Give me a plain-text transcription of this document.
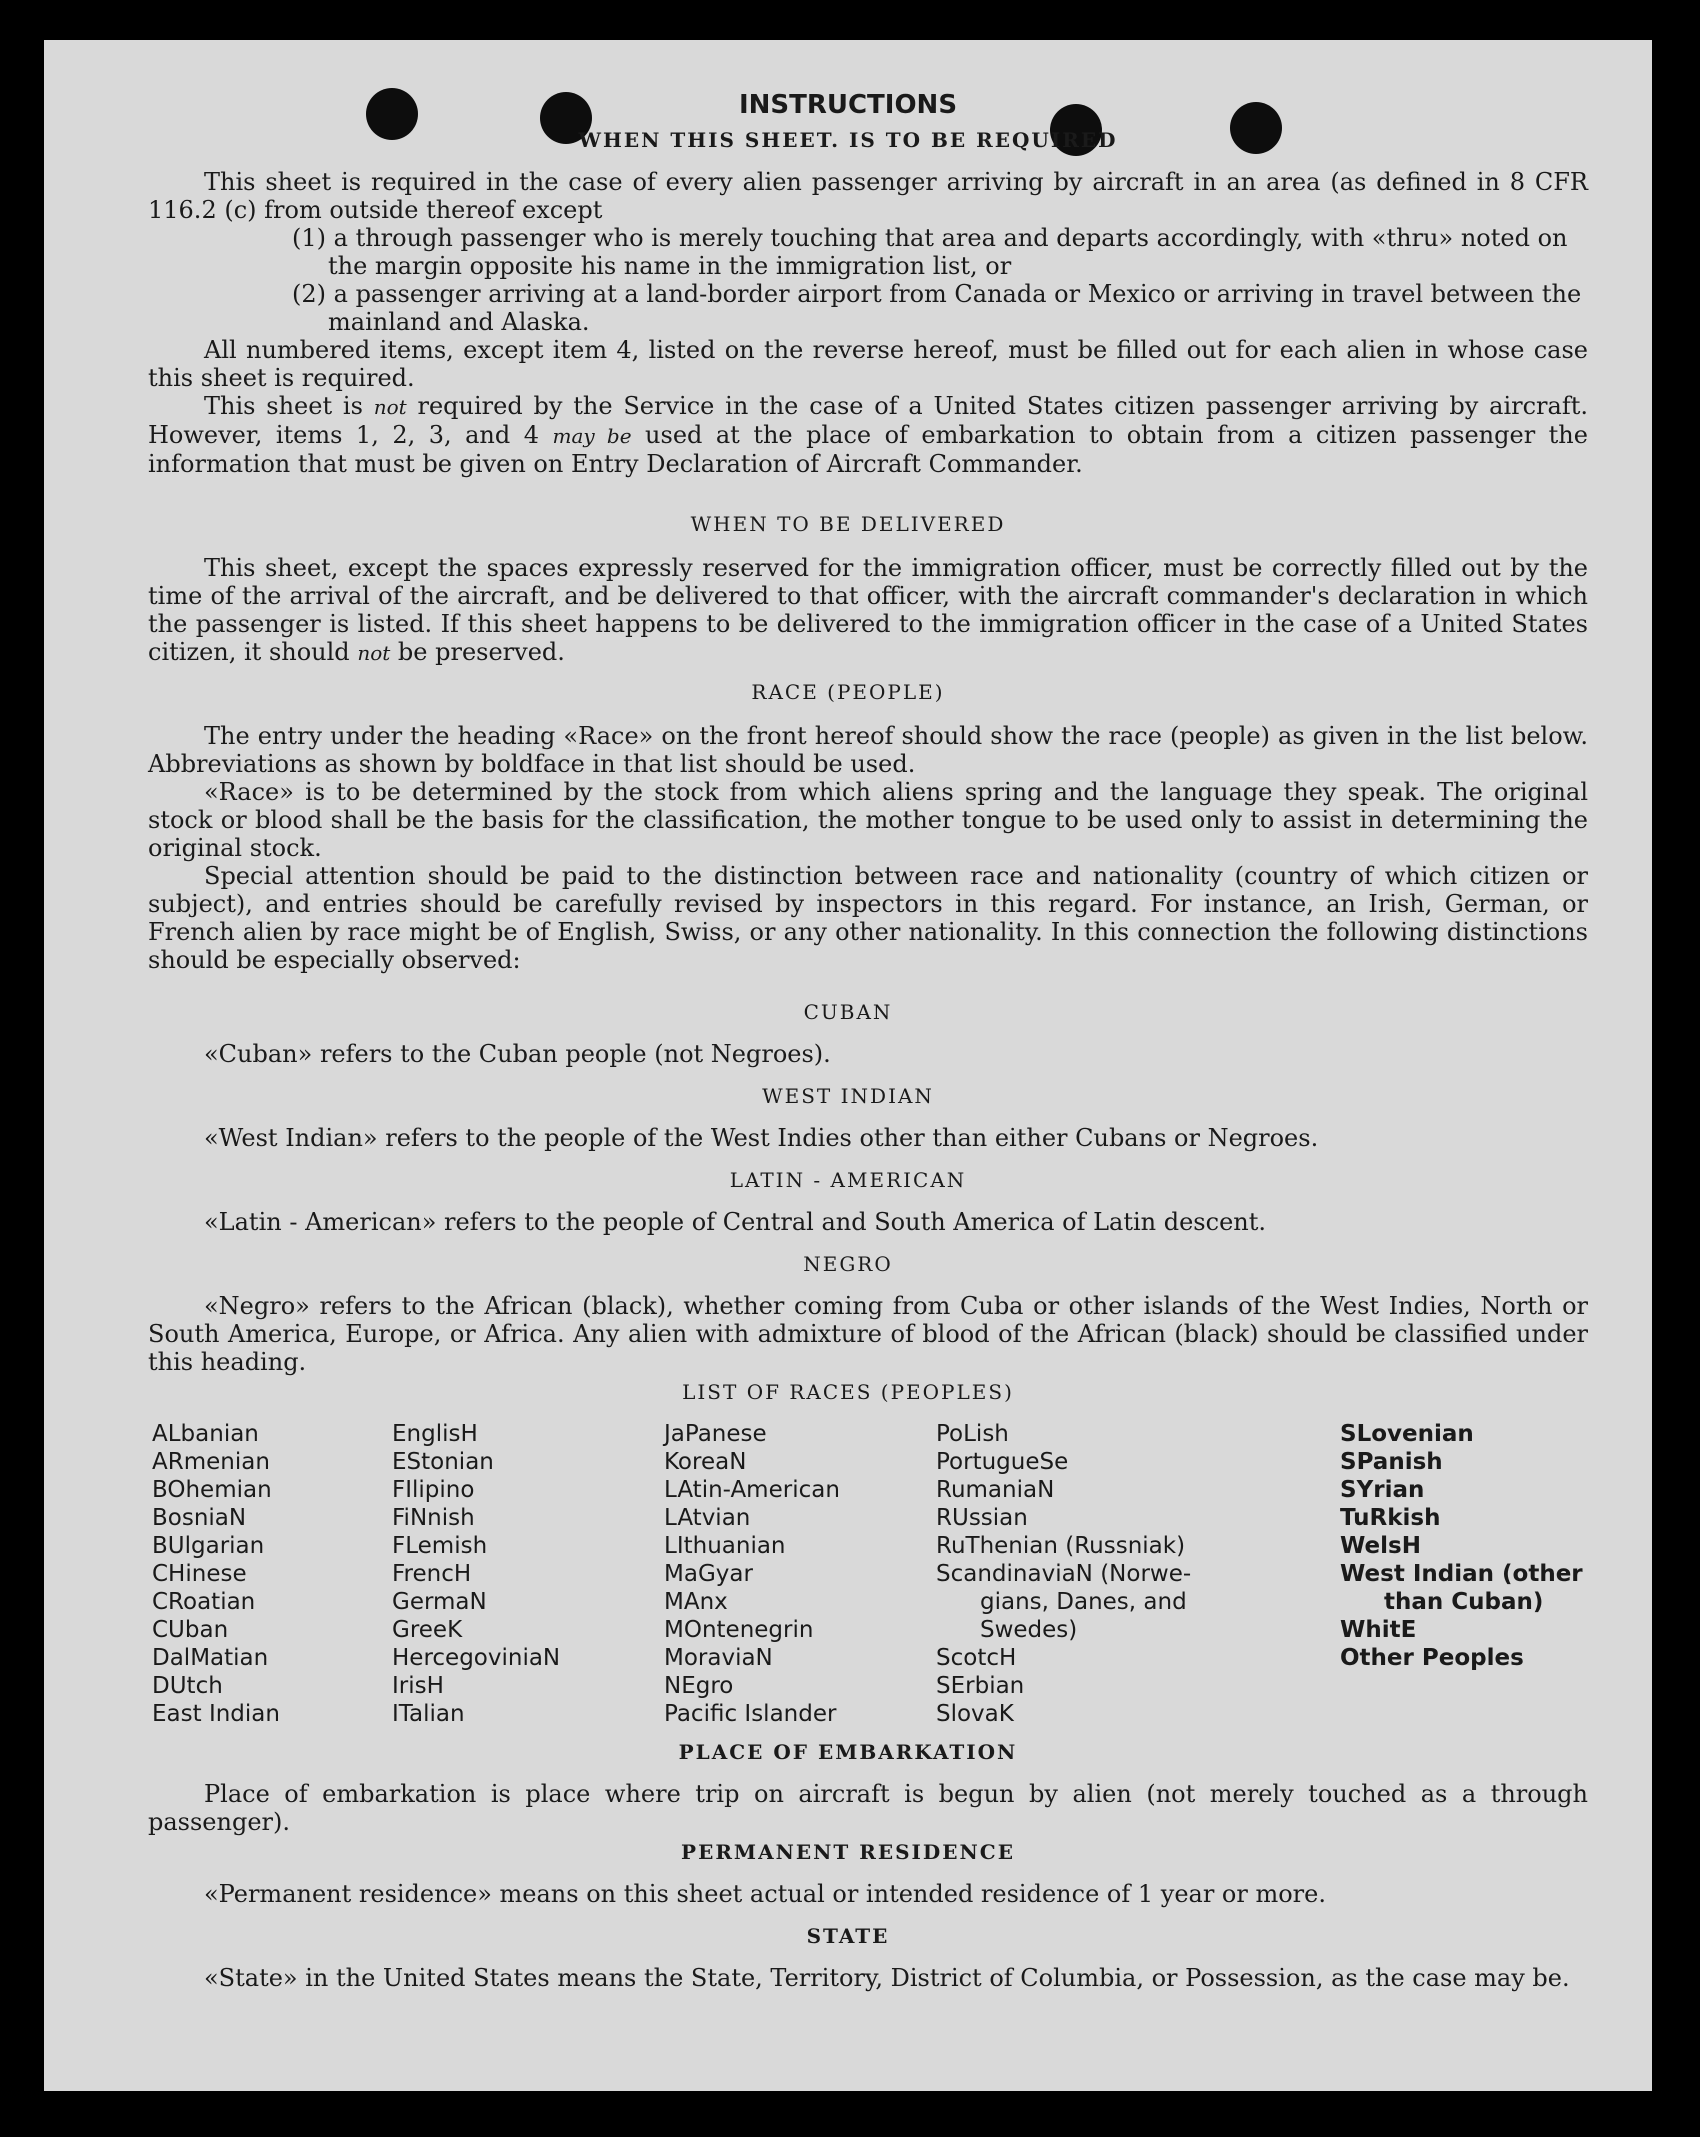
INSTRUCTIONS
WHEN THIS SHEET. IS TO BE REQUIRED

This sheet is required in the case of every alien passenger arriving by aircraft in an area (as defined in 8 CFR 116.2 (c) from outside thereof except

(1) a through passenger who is merely touching that area and departs accordingly, with «thru» noted on the margin opposite his name in the immigration list, or

(2) a passenger arriving at a land-border airport from Canada or Mexico or arriving in travel between the mainland and Alaska.

All numbered items, except item 4, listed on the reverse hereof, must be filled out for each alien in whose case this sheet is required.

This sheet is not required by the Service in the case of a United States citizen passenger arriving by aircraft. However, items 1, 2, 3, and 4 may be used at the place of embarkation to obtain from a citizen passenger the information that must be given on Entry Declaration of Aircraft Commander.

WHEN TO BE DELIVERED

This sheet, except the spaces expressly reserved for the immigration officer, must be correctly filled out by the time of the arrival of the aircraft, and be delivered to that officer, with the aircraft commander's declaration in which the passenger is listed. If this sheet happens to be delivered to the immigration officer in the case of a United States citizen, it should not be preserved.

RACE (PEOPLE)

The entry under the heading «Race» on the front hereof should show the race (people) as given in the list below. Abbreviations as shown by boldface in that list should be used.

«Race» is to be determined by the stock from which aliens spring and the language they speak. The original stock or blood shall be the basis for the classification, the mother tongue to be used only to assist in determining the original stock.

Special attention should be paid to the distinction between race and nationality (country of which citizen or subject), and entries should be carefully revised by inspectors in this regard. For instance, an Irish, German, or French alien by race might be of English, Swiss, or any other nationality. In this connection the following distinctions should be especially observed:

CUBAN

«Cuban» refers to the Cuban people (not Negroes).

WEST INDIAN

«West Indian» refers to the people of the West Indies other than either Cubans or Negroes.

LATIN - AMERICAN

«Latin - American» refers to the people of Central and South America of Latin descent.

NEGRO

«Negro» refers to the African (black), whether coming from Cuba or other islands of the West Indies, North or South America, Europe, or Africa. Any alien with admixture of blood of the African (black) should be classified under this heading.

LIST OF RACES (PEOPLES)
ALbanian
ARmenian
BOhemian
BosniaN
BUlgarian
CHinese
CRoatian
CUban
DalMatian
DUtch
East Indian
EnglisH
EStonian
FIlipino
FiNnish
FLemish
FrencH
GermaN
GreeK
HercegoviniaN
IrisH
ITalian
JaPanese
KoreaN
LAtin-American
LAtvian
LIthuanian
MaGyar
MAnx
MOntenegrin
MoraviaN
NEgro
Pacific Islander
PoLish
PortugueSe
RumaniaN
RUssian
RuThenian (Russniak)
ScandinaviaN (Norwe-
gians, Danes, and
Swedes)
ScotcH
SErbian
SlovaK
SLovenian
SPanish
SYrian
TuRkish
WelsH
West Indian (other
than Cuban)
WhitE
Other Peoples
PLACE OF EMBARKATION

Place of embarkation is place where trip on aircraft is begun by alien (not merely touched as a through passenger).

PERMANENT RESIDENCE

«Permanent residence» means on this sheet actual or intended residence of 1 year or more.

STATE

«State» in the United States means the State, Territory, District of Columbia, or Possession, as the case may be.
